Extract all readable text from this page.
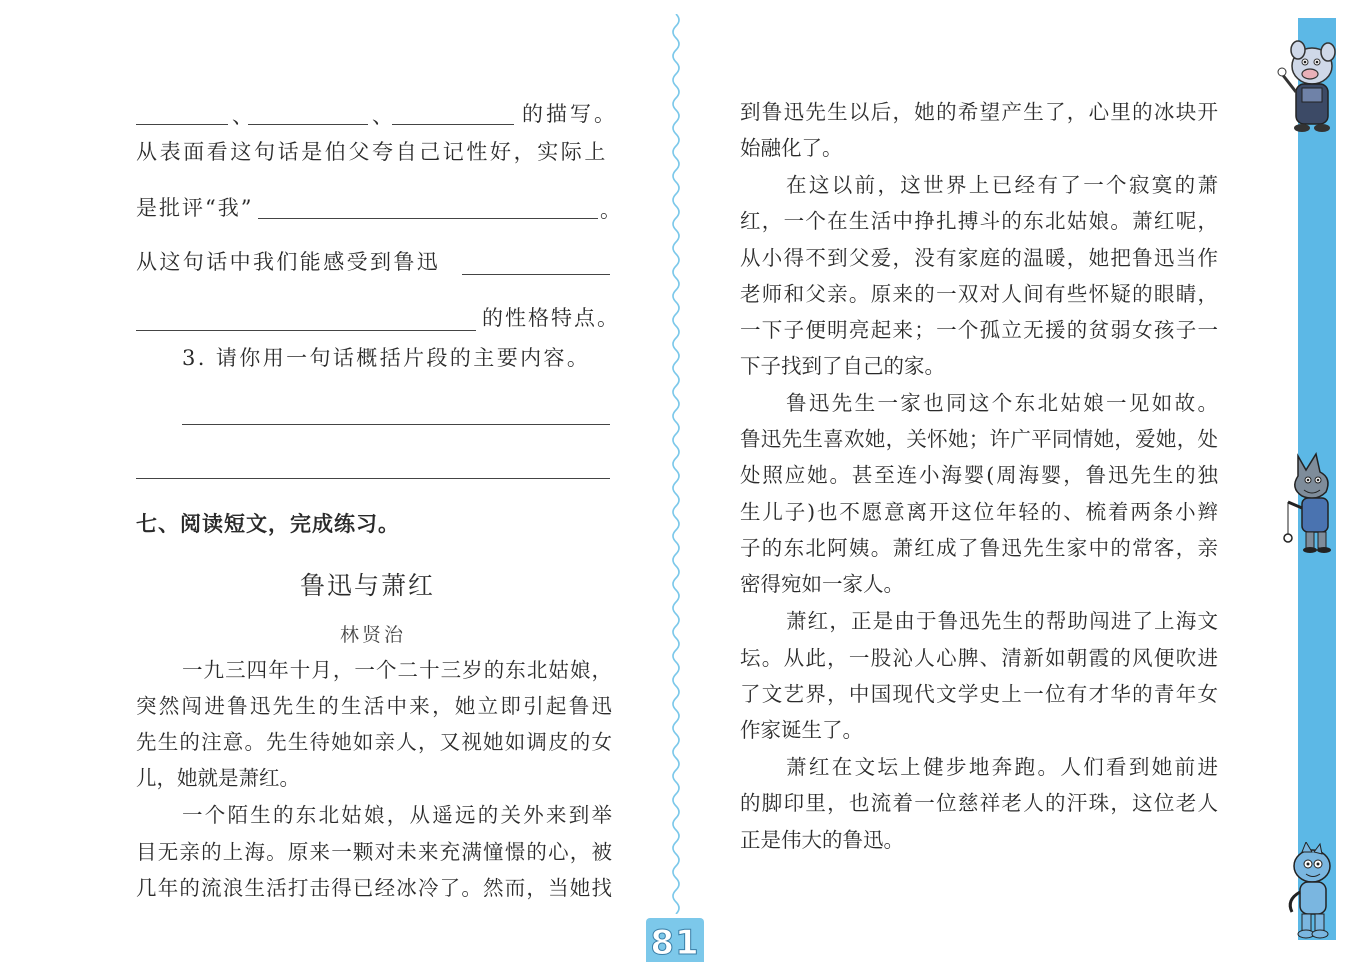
、	、	的描写。
从表面看这句话是伯父夸自己记性好，实际上
是批评“我”	。
从这句话中我们能感受到鲁迅
的性格特点。
3. 请你用一句话概括片段的主要内容。
七、阅读短文，完成练习。
鲁迅与萧红
林贤治
一九三四年十月，一个二十三岁的东北姑娘，
突然闯进鲁迅先生的生活中来，她立即引起鲁迅
先生的注意。先生待她如亲人，又视她如调皮的女
儿，她就是萧红。
一个陌生的东北姑娘，从遥远的关外来到举
目无亲的上海。原来一颗对未来充满憧憬的心，被
几年的流浪生活打击得已经冰冷了。然而，当她找
到鲁迅先生以后，她的希望产生了，心里的冰块开
始融化了。
在这以前，这世界上已经有了一个寂寞的萧
红，一个在生活中挣扎搏斗的东北姑娘。萧红呢，
从小得不到父爱，没有家庭的温暖，她把鲁迅当作
老师和父亲。原来的一双对人间有些怀疑的眼睛，
一下子便明亮起来；一个孤立无援的贫弱女孩子一
下子找到了自己的家。
鲁迅先生一家也同这个东北姑娘一见如故。
鲁迅先生喜欢她，关怀她；许广平同情她，爱她，处
处照应她。甚至连小海婴(周海婴，鲁迅先生的独
生儿子)也不愿意离开这位年轻的、梳着两条小辫
子的东北阿姨。萧红成了鲁迅先生家中的常客，亲
密得宛如一家人。
萧红，正是由于鲁迅先生的帮助闯进了上海文
坛。从此，一股沁人心脾、清新如朝霞的风便吹进
了文艺界，中国现代文学史上一位有才华的青年女
作家诞生了。
萧红在文坛上健步地奔跑。人们看到她前进
的脚印里，也流着一位慈祥老人的汗珠，这位老人
正是伟大的鲁迅。
81
